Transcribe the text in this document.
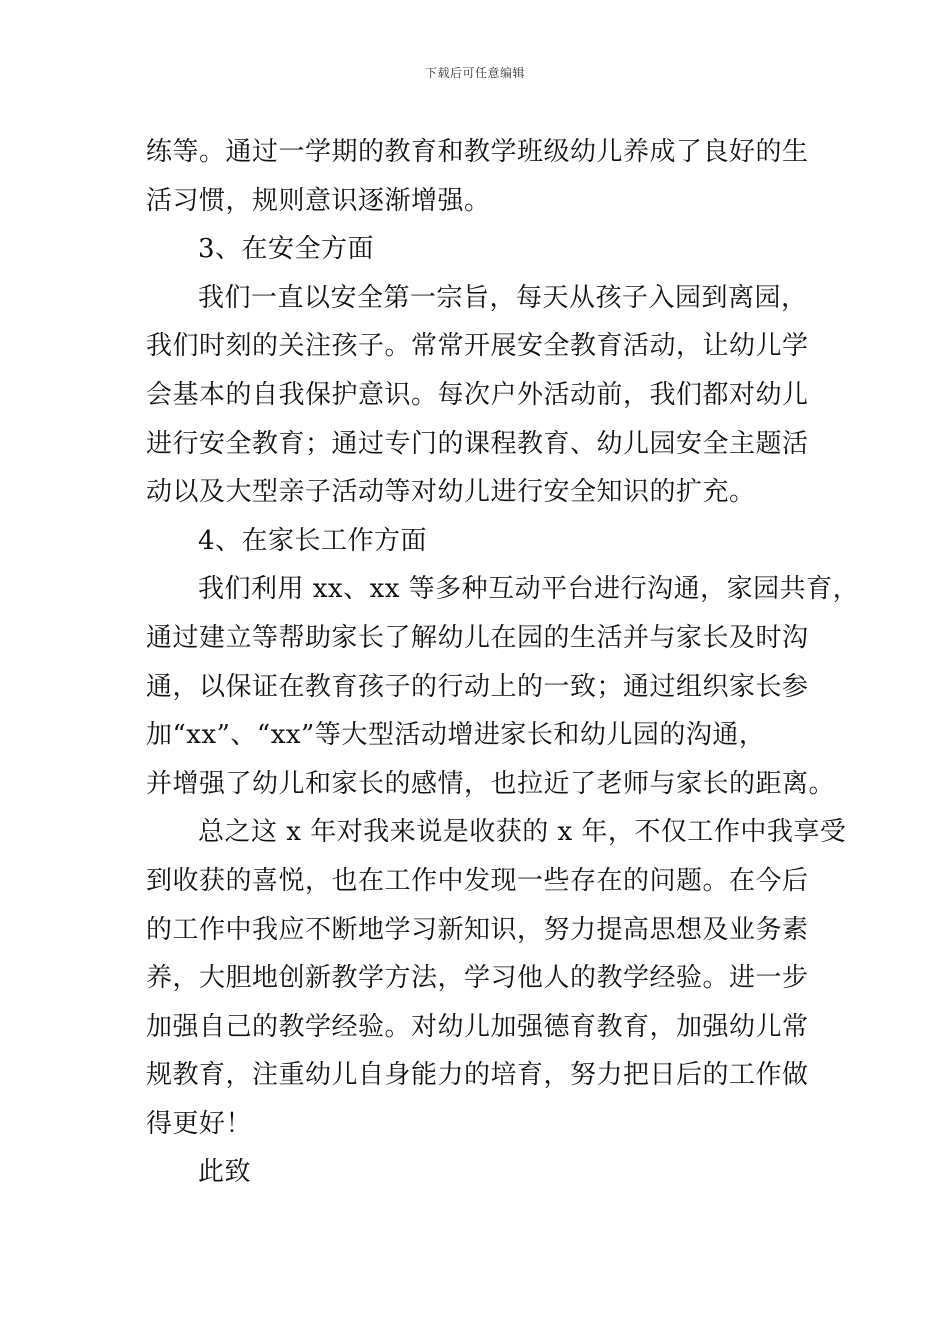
下载后可任意编辑
练等。通过一学期的教育和教学班级幼儿养成了良好的生
活习惯，规则意识逐渐增强。
3、在安全方面
我们一直以安全第一宗旨，每天从孩子入园到离园，
我们时刻的关注孩子。常常开展安全教育活动，让幼儿学
会基本的自我保护意识。每次户外活动前，我们都对幼儿
进行安全教育；通过专门的课程教育、幼儿园安全主题活
动以及大型亲子活动等对幼儿进行安全知识的扩充。
4、在家长工作方面
我们利用 xx、xx 等多种互动平台进行沟通，家园共育，
通过建立等帮助家长了解幼儿在园的生活并与家长及时沟
通，以保证在教育孩子的行动上的一致；通过组织家长参
加“xx”、“xx”等大型活动增进家长和幼儿园的沟通，
并增强了幼儿和家长的感情，也拉近了老师与家长的距离。
总之这 x 年对我来说是收获的 x 年，不仅工作中我享受
到收获的喜悦，也在工作中发现一些存在的问题。在今后
的工作中我应不断地学习新知识，努力提高思想及业务素
养，大胆地创新教学方法，学习他人的教学经验。进一步
加强自己的教学经验。对幼儿加强德育教育，加强幼儿常
规教育，注重幼儿自身能力的培育，努力把日后的工作做
得更好！
此致
